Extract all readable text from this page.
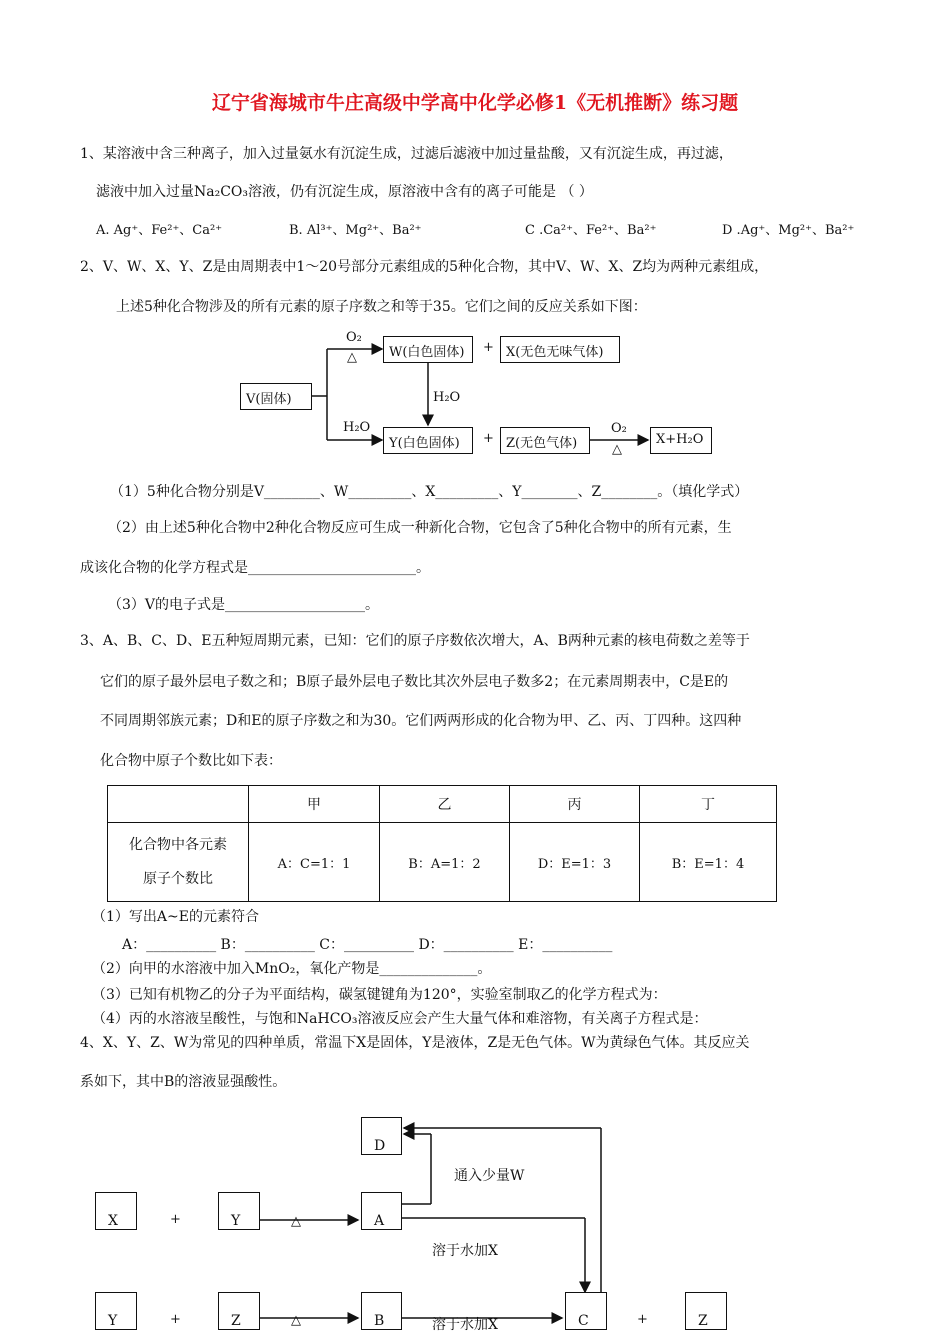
辽宁省海城市牛庄高级中学高中化学必修1《无机推断》练习题
1、某溶液中含三种离子，加入过量氨水有沉淀生成，过滤后滤液中加过量盐酸，又有沉淀生成，再过滤，
滤液中加入过量Na₂CO₃溶液，仍有沉淀生成，原溶液中含有的离子可能是 （ ）
A. Ag⁺、Fe²⁺、Ca²⁺	B. Al³⁺、Mg²⁺、Ba²⁺	C .Ca²⁺、Fe²⁺、Ba²⁺	D .Ag⁺、Mg²⁺、Ba²⁺
2、V、W、X、Y、Z是由周期表中1～20号部分元素组成的5种化合物，其中V、W、X、Z均为两种元素组成，
上述5种化合物涉及的所有元素的原子序数之和等于35。它们之间的反应关系如下图：
V(固体)
W(白色固体)	X(无色无味气体)
Y(白色固体)	Z(无色气体)	X+H₂O
O₂
△
H₂O
H₂O	O₂
△
+
+
（1）5种化合物分别是V________、W_________、X_________、Y________、Z________。（填化学式）
（2）由上述5种化合物中2种化合物反应可生成一种新化合物，它包含了5种化合物中的所有元素，生
成该化合物的化学方程式是________________________。
（3）V的电子式是____________________。
3、A、B、C、D、E五种短周期元素，已知：它们的原子序数依次增大，A、B两种元素的核电荷数之差等于
它们的原子最外层电子数之和；B原子最外层电子数比其次外层电子数多2；在元素周期表中，C是E的
不同周期邻族元素；D和E的原子序数之和为30。它们两两形成的化合物为甲、乙、丙、丁四种。这四种
化合物中原子个数比如下表：
	甲	乙	丙	丁

化合物中各元素
原子个数比	A：C=1：1	B：A=1：2	D：E=1：3	B：E=1：4
（1）写出A~E的元素符合
A：__________ B：__________ C：__________ D：__________ E：__________
（2）向甲的水溶液中加入MnO₂，氧化产物是______________。
（3）已知有机物乙的分子为平面结构，碳氢键键角为120°，实验室制取乙的化学方程式为：
（4）丙的水溶液呈酸性，与饱和NaHCO₃溶液反应会产生大量气体和难溶物，有关离子方程式是：
4、X、Y、Z、W为常见的四种单质，常温下X是固体，Y是液体，Z是无色气体。W为黄绿色气体。其反应关
系如下，其中B的溶液显强酸性。
D
X	Y	A
Y	Z	B	C	Z
+
+	+
△
△
通入少量W
溶于水加X
溶于水加X
